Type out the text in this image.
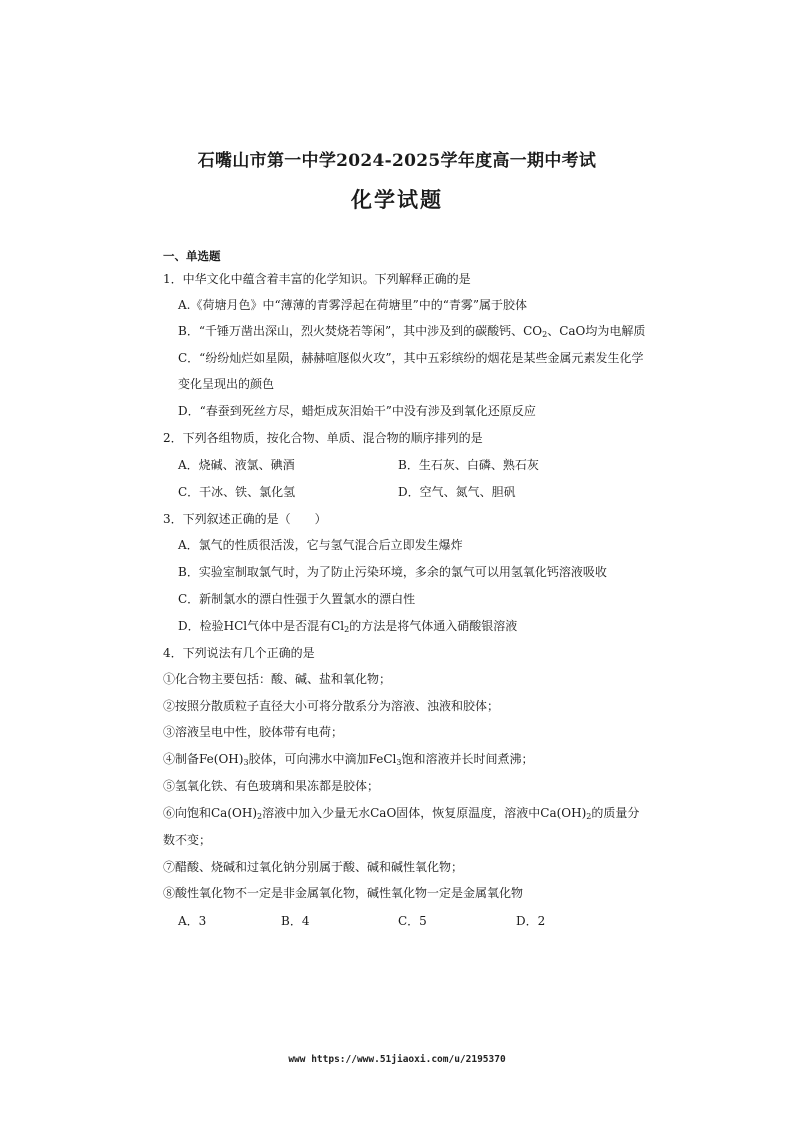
石嘴山市第一中学2024-2025学年度高一期中考试
化学试题
一、单选题
1．中华文化中蕴含着丰富的化学知识。下列解释正确的是
A.《荷塘月色》中“薄薄的青雾浮起在荷塘里”中的“青雾”属于胶体
B．“千锤万凿出深山，烈火焚烧若等闲”，其中涉及到的碳酸钙、$CO_2$、CaO均为电解质
C．“纷纷灿烂如星陨，赫赫喧豗似火攻”，其中五彩缤纷的烟花是某些金属元素发生化学
变化呈现出的颜色
D．“春蚕到死丝方尽，蜡炬成灰泪始干”中没有涉及到氧化还原反应
2．下列各组物质，按化合物、单质、混合物的顺序排列的是
A．烧碱、液氯、碘酒	B．生石灰、白磷、熟石灰
C．干冰、铁、氯化氢	D．空气、氮气、胆矾
3．下列叙述正确的是（　　）
A．氯气的性质很活泼，它与氢气混合后立即发生爆炸
B．实验室制取氯气时，为了防止污染环境，多余的氯气可以用氢氧化钙溶液吸收
C．新制氯水的漂白性强于久置氯水的漂白性
D．检验HCl气体中是否混有$Cl_2$的方法是将气体通入硝酸银溶液
4．下列说法有几个正确的是
①化合物主要包括：酸、碱、盐和氧化物；
②按照分散质粒子直径大小可将分散系分为溶液、浊液和胶体；
③溶液呈电中性，胶体带有电荷；
④制备$Fe(OH)_3$胶体，可向沸水中滴加FeCl$_3$饱和溶液并长时间煮沸；
⑤氢氧化铁、有色玻璃和果冻都是胶体；
⑥向饱和$Ca(OH)_2$溶液中加入少量无水CaO固体，恢复原温度，溶液中$Ca(OH)_2$的质量分
数不变；
⑦醋酸、烧碱和过氧化钠分别属于酸、碱和碱性氧化物；
⑧酸性氧化物不一定是非金属氧化物，碱性氧化物一定是金属氧化物
A．3	B．4	C．5	D．2
www https://www.51jiaoxi.com/u/2195370
